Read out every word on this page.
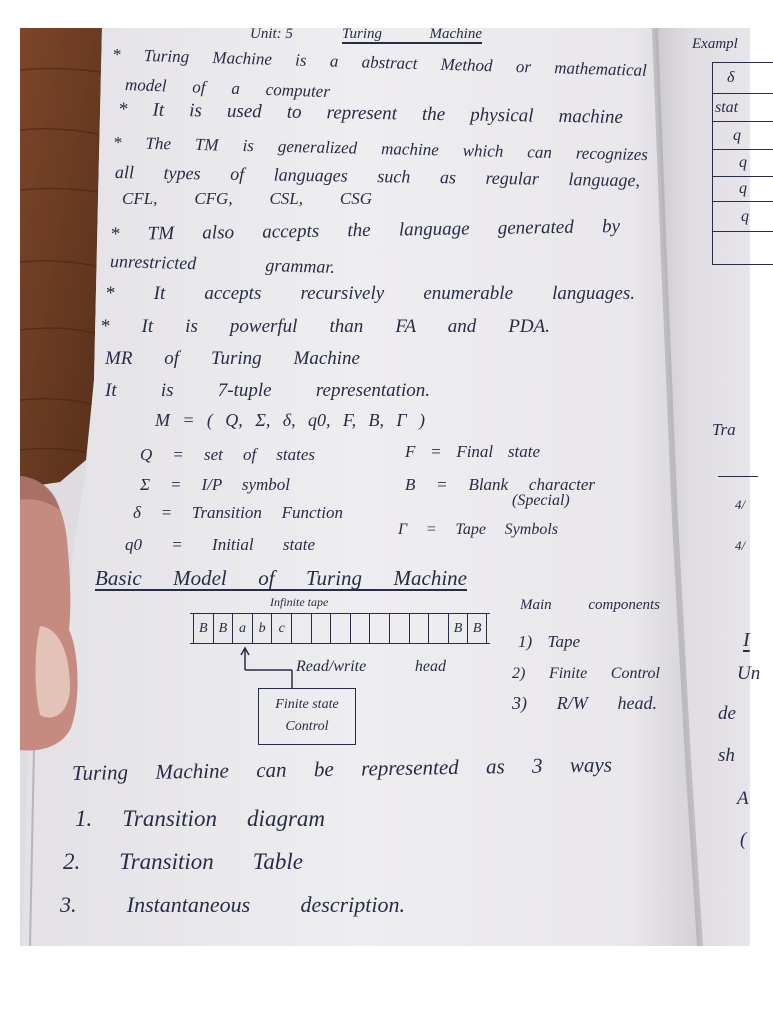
Unit: 5	Turing Machine
* Turing Machine is a abstract Method or mathematical
model of a computer
* It is used to represent the physical machine
* The TM is generalized machine which can recognizes
all types of languages such as regular language,
CFL, CFG, CSL, CSG
* TM also accepts the language generated by
unrestricted grammar.
* It accepts recursively enumerable languages.
* It is powerful than FA and PDA.
MR of Turing Machine
It is 7-tuple representation.
M = ( Q, Σ, δ, q0, F, B, Γ )
Q = set of states
Σ = I/P symbol
δ = Transition Function
q0 = Initial state
F = Final state
B = Blank character
(Special)
Γ = Tape Symbols
Basic Model of Turing Machine
Infinite tape
B B a b c	B B
Read/write head
Finite state
Control
Main components
1) Tape
2) Finite Control
3) R/W head.
Turing Machine can be represented as 3 ways
1. Transition diagram
2. Transition Table
3. Instantaneous description.
Exampl
δ
stat
q
q
q
q
Tra
4/
4/
I
Un
de
sh
A
(
